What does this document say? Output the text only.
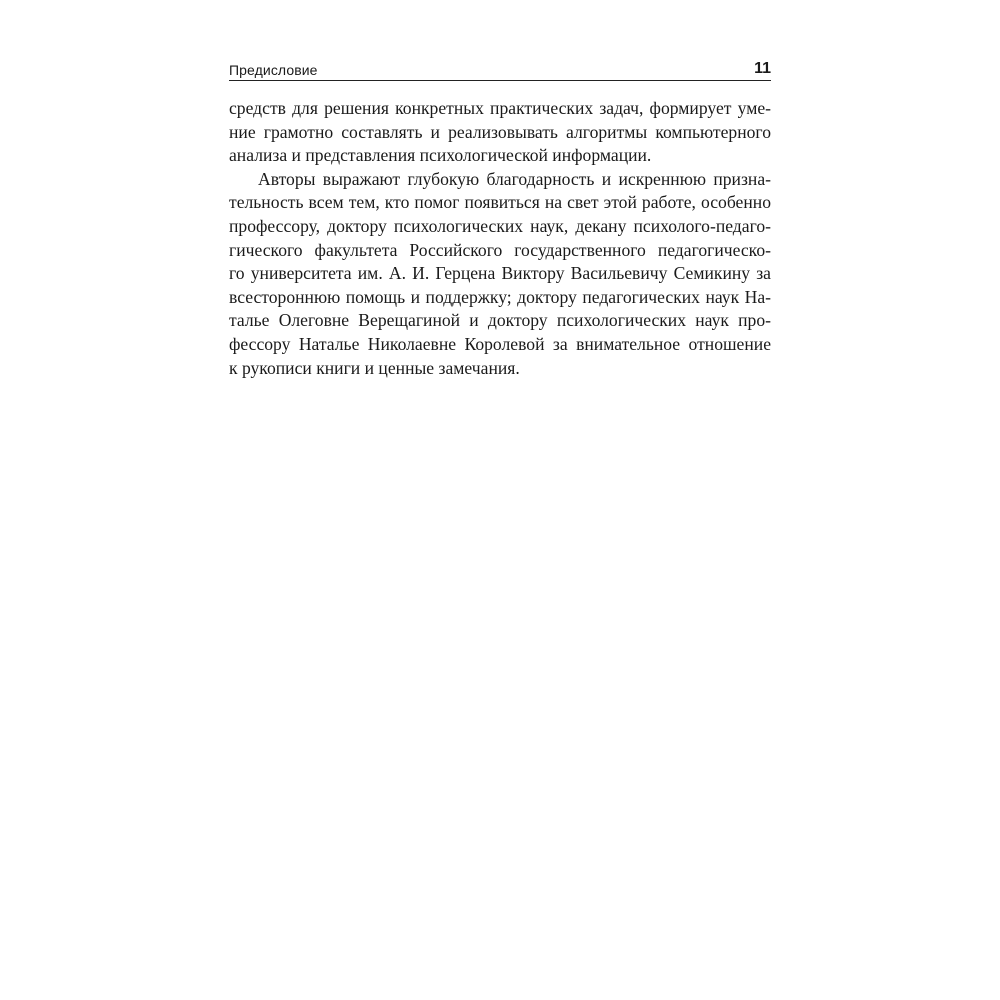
Предисловие	11

средств для решения конкретных практических задач, формирует уме-
ние грамотно составлять и реализовывать алгоритмы компьютерного
анализа и представления психологической информации.

Авторы выражают глубокую благодарность и искреннюю призна-
тельность всем тем, кто помог появиться на свет этой работе, особенно
профессору, доктору психологических наук, декану психолого-педаго-
гического факультета Российского государственного педагогическо-
го университета им. А. И. Герцена Виктору Васильевичу Семикину за
всестороннюю помощь и поддержку; доктору педагогических наук На-
талье Олеговне Верещагиной и доктору психологических наук про-
фессору Наталье Николаевне Королевой за внимательное отношение
к рукописи книги и ценные замечания.
